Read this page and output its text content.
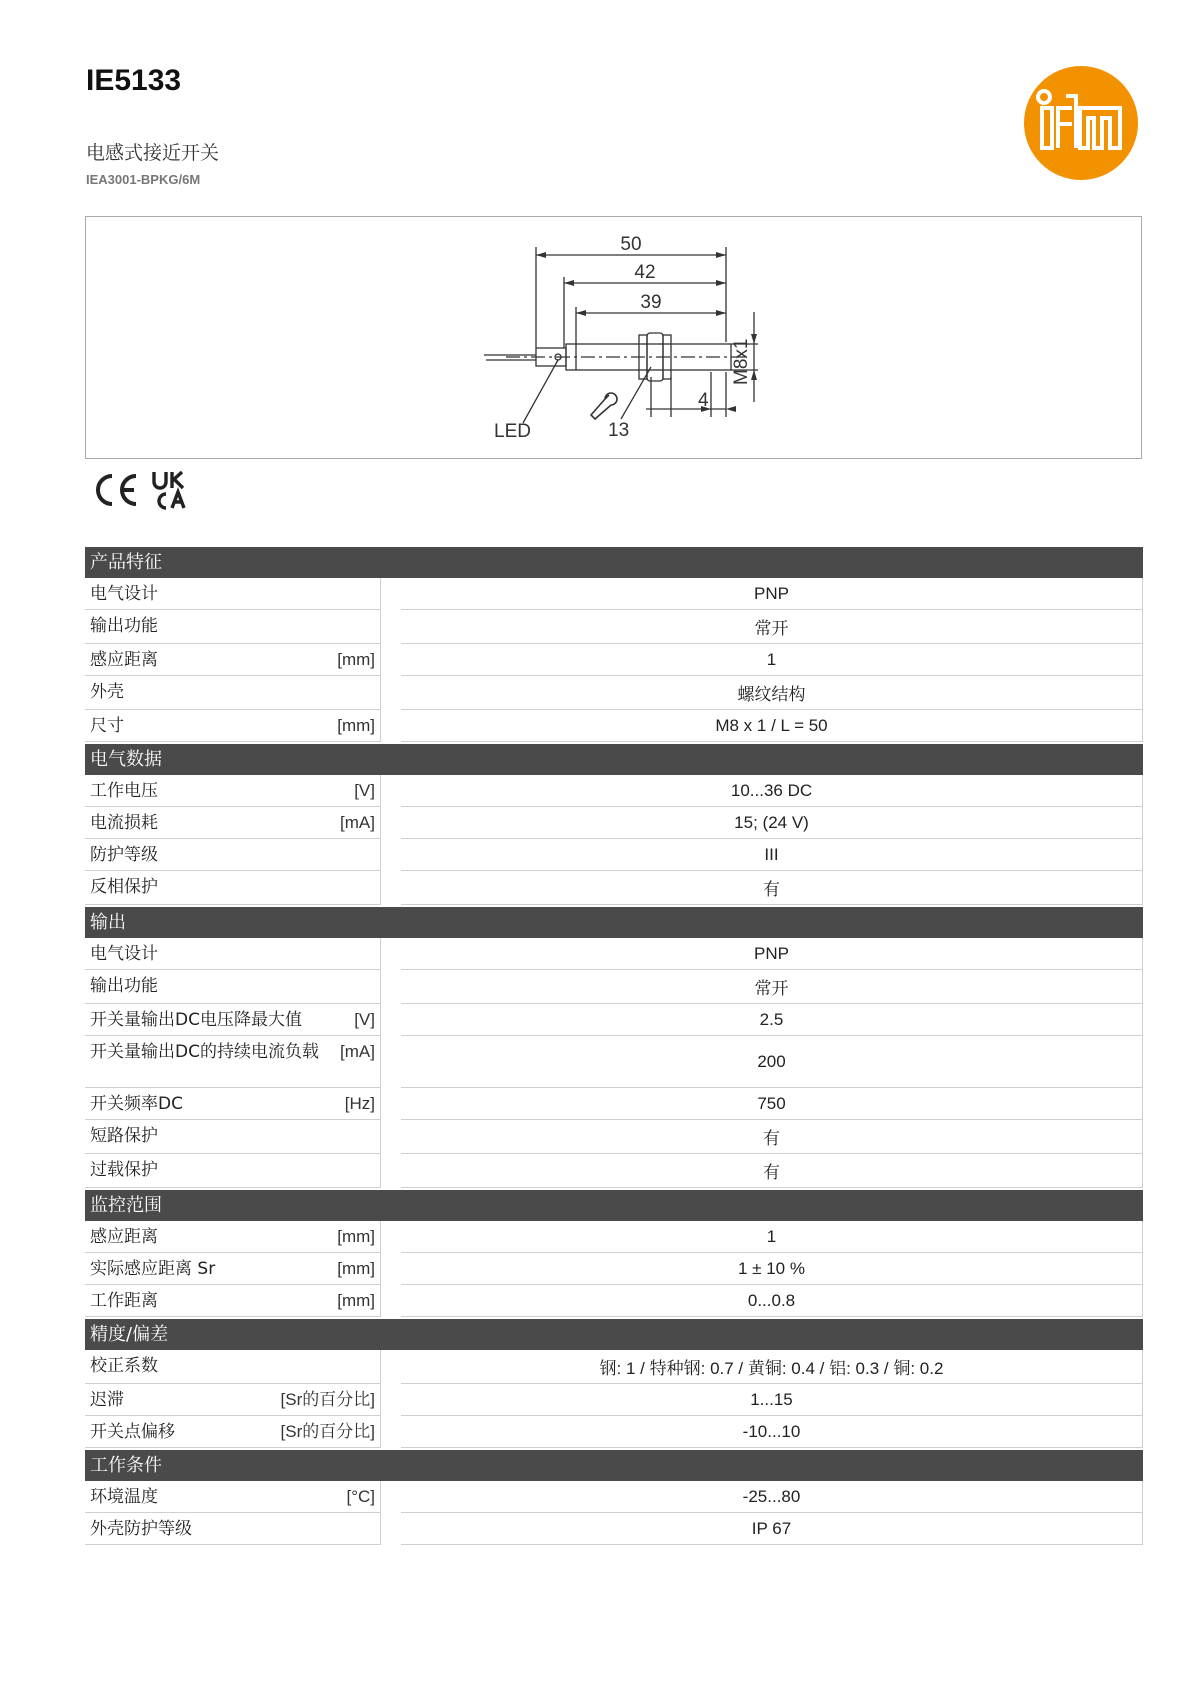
IE5133
电感式接近开关
IEA3001-BPKG/6M
50
42
39
4
13
LED
M8x1
产品特征
电气设计	PNP
输出功能	常开
感应距离	[mm]	1
外壳	螺纹结构
尺寸	[mm]	M8 x 1 / L = 50
电气数据
工作电压	[V]	10...36 DC
电流损耗	[mA]	15; (24 V)
防护等级	III
反相保护	有
输出
电气设计	PNP
输出功能	常开
开关量输出DC电压降最大值	[V]	2.5
开关量输出DC的持续电流负载	[mA]	200
开关频率DC	[Hz]	750
短路保护	有
过载保护	有
监控范围
感应距离	[mm]	1
实际感应距离 Sr	[mm]	1 ± 10 %
工作距离	[mm]	0...0.8
精度/偏差
校正系数	钢: 1 / 特种钢: 0.7 / 黄铜: 0.4 / 铝: 0.3 / 铜: 0.2
迟滞	[Sr的百分比]	1...15
开关点偏移	[Sr的百分比]	-10...10
工作条件
环境温度	[°C]	-25...80
外壳防护等级	IP 67
